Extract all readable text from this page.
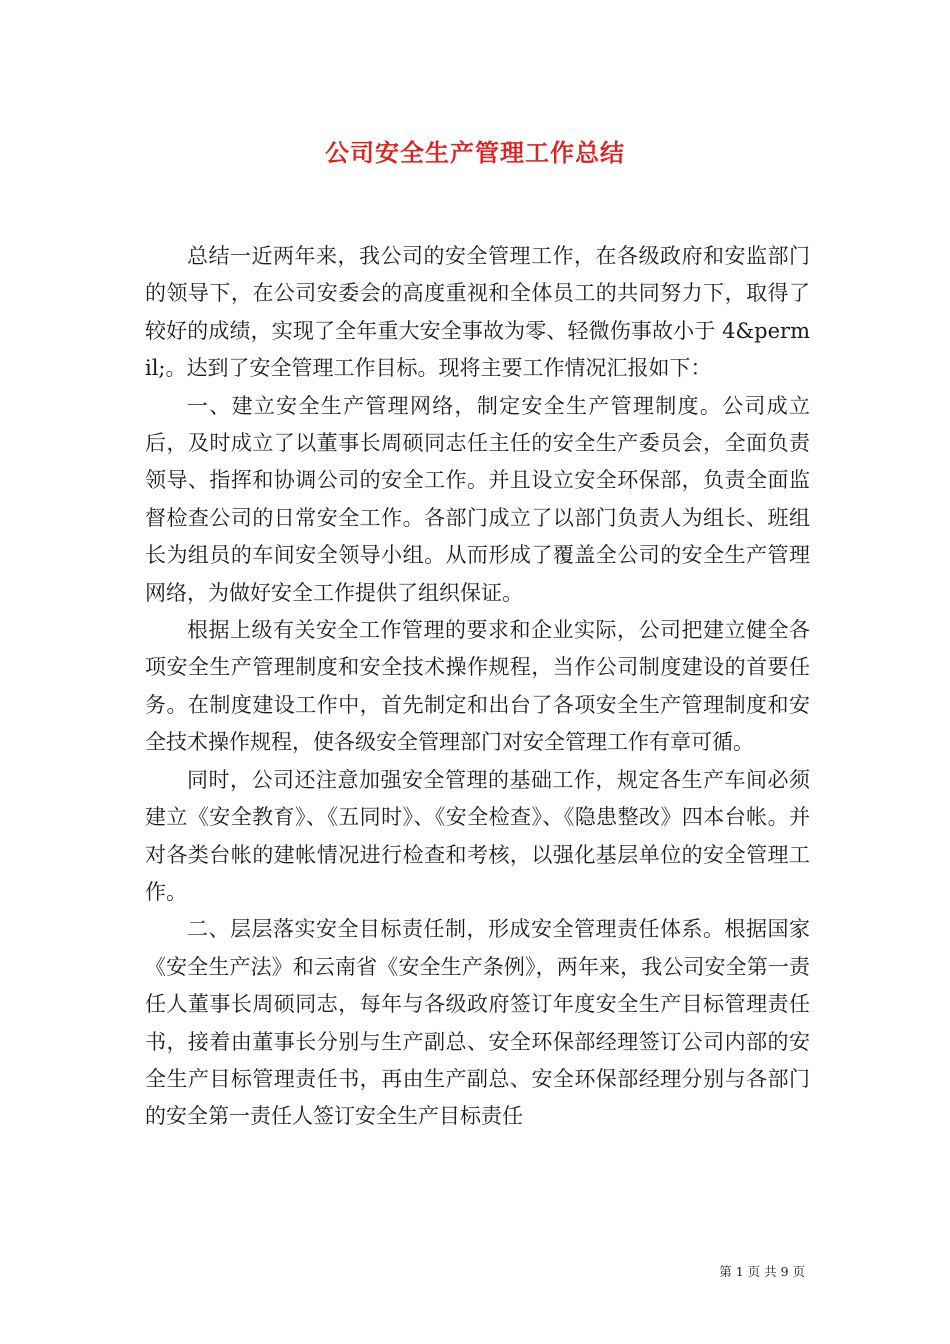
公司安全生产管理工作总结

总结一近两年来，我公司的安全管理工作，在各级政府和安监部门的领导下，在公司安委会的高度重视和全体员工的共同努力下，取得了较好的成绩，实现了全年重大安全事故为零、轻微伤事故小于 4&permil;。达到了安全管理工作目标。现将主要工作情况汇报如下：

一、建立安全生产管理网络，制定安全生产管理制度。公司成立后，及时成立了以董事长周硕同志任主任的安全生产委员会，全面负责领导、指挥和协调公司的安全工作。并且设立安全环保部，负责全面监督检查公司的日常安全工作。各部门成立了以部门负责人为组长、班组长为组员的车间安全领导小组。从而形成了覆盖全公司的安全生产管理网络，为做好安全工作提供了组织保证。

根据上级有关安全工作管理的要求和企业实际，公司把建立健全各项安全生产管理制度和安全技术操作规程，当作公司制度建设的首要任务。在制度建设工作中，首先制定和出台了各项安全生产管理制度和安全技术操作规程，使各级安全管理部门对安全管理工作有章可循。

同时，公司还注意加强安全管理的基础工作，规定各生产车间必须建立《安全教育》、《五同时》、《安全检查》、《隐患整改》四本台帐。并对各类台帐的建帐情况进行检查和考核，以强化基层单位的安全管理工作。

二、层层落实安全目标责任制，形成安全管理责任体系。根据国家《安全生产法》和云南省《安全生产条例》，两年来，我公司安全第一责任人董事长周硕同志，每年与各级政府签订年度安全生产目标管理责任书，接着由董事长分别与生产副总、安全环保部经理签订公司内部的安全生产目标管理责任书，再由生产副总、安全环保部经理分别与各部门的安全第一责任人签订安全生产目标责任

第 1 页 共 9 页
